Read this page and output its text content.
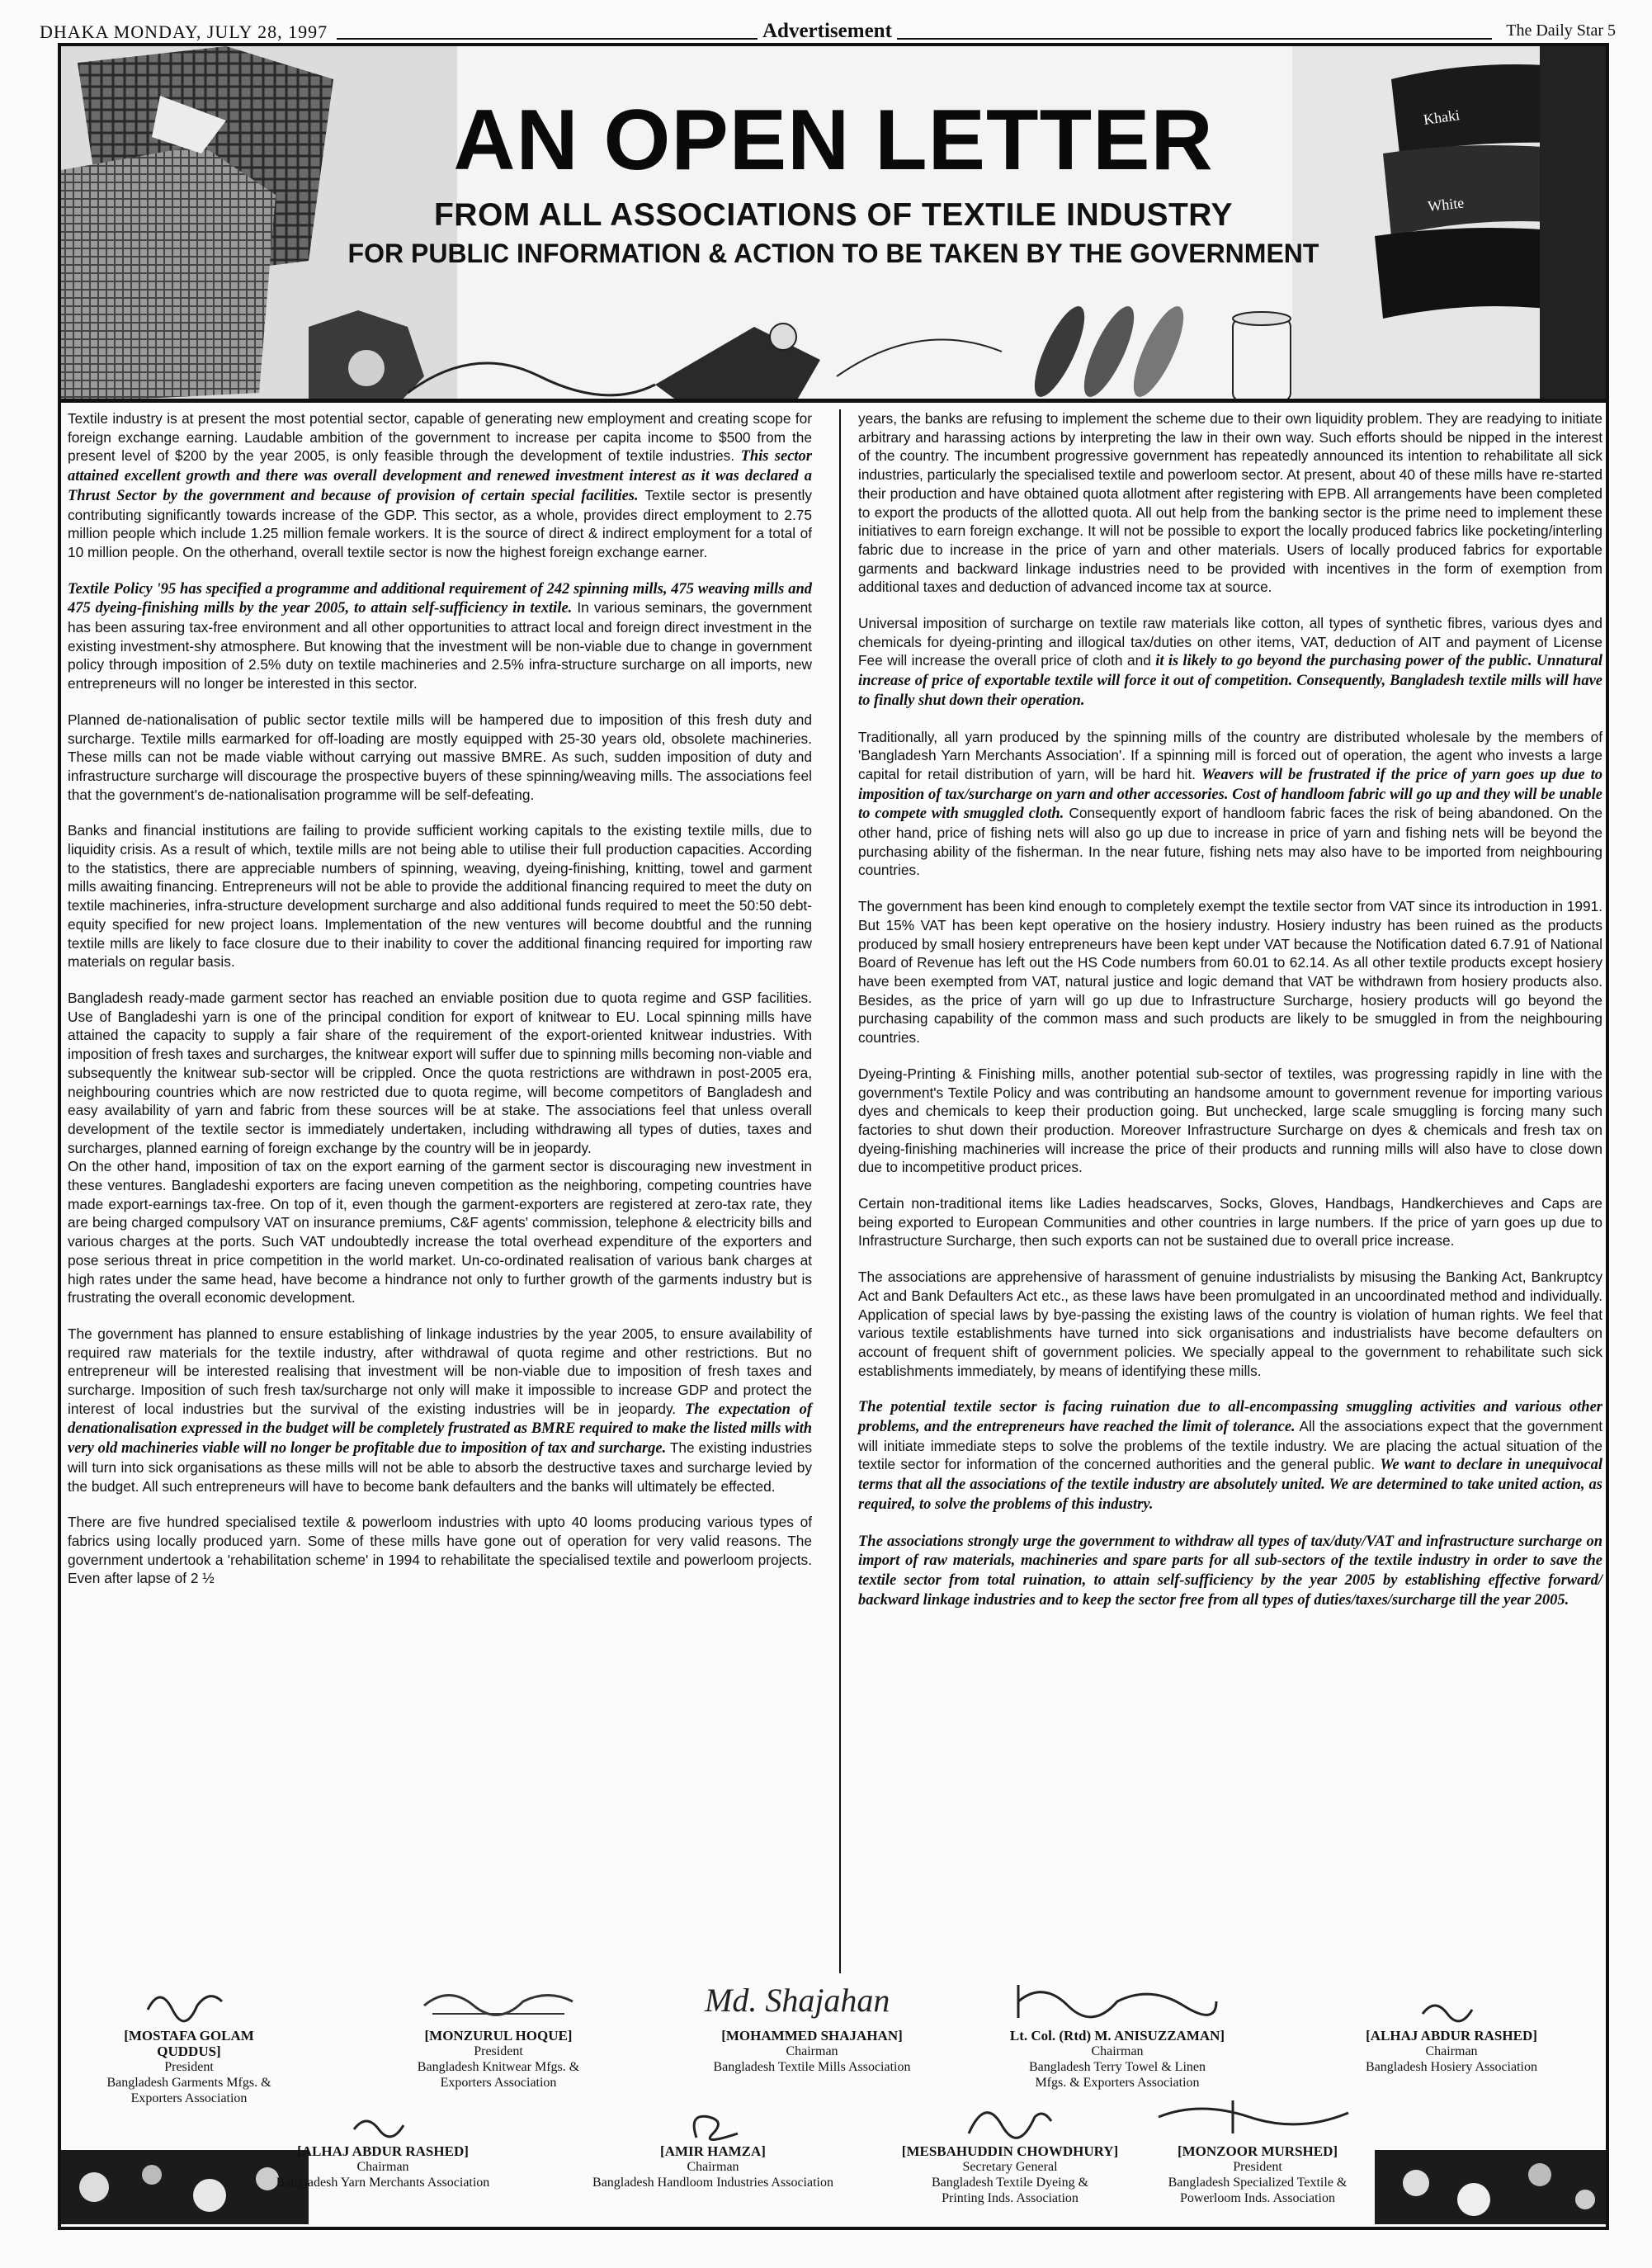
DHAKA MONDAY, JULY 28, 1997	Advertisement	The Daily Star 5
Khaki
White
AN OPEN LETTER
FROM ALL ASSOCIATIONS OF TEXTILE INDUSTRY
FOR PUBLIC INFORMATION & ACTION TO BE TAKEN BY THE GOVERNMENT

Textile industry is at present the most potential sector, capable of generating new employment and creating scope for foreign exchange earning. Laudable ambition of the government to increase per capita income to $500 from the present level of $200 by the year 2005, is only feasible through the development of textile industries. This sector attained excellent growth and there was overall development and renewed investment interest as it was declared a Thrust Sector by the government and because of provision of certain special facilities. Textile sector is presently contributing significantly towards increase of the GDP. This sector, as a whole, provides direct employment to 2.75 million people which include 1.25 million female workers. It is the source of direct & indirect employment for a total of 10 million people. On the otherhand, overall textile sector is now the highest foreign exchange earner.

Textile Policy '95 has specified a programme and additional requirement of 242 spinning mills, 475 weaving mills and 475 dyeing-finishing mills by the year 2005, to attain self-sufficiency in textile. In various seminars, the government has been assuring tax-free environment and all other opportunities to attract local and foreign direct investment in the existing investment-shy atmosphere. But knowing that the investment will be non-viable due to change in government policy through imposition of 2.5% duty on textile machineries and 2.5% infra-structure surcharge on all imports, new entrepreneurs will no longer be interested in this sector.

Planned de-nationalisation of public sector textile mills will be hampered due to imposition of this fresh duty and surcharge. Textile mills earmarked for off-loading are mostly equipped with 25-30 years old, obsolete machineries. These mills can not be made viable without carrying out massive BMRE. As such, sudden imposition of duty and infrastructure surcharge will discourage the prospective buyers of these spinning/weaving mills. The associations feel that the government's de-nationalisation programme will be self-defeating.

Banks and financial institutions are failing to provide sufficient working capitals to the existing textile mills, due to liquidity crisis. As a result of which, textile mills are not being able to utilise their full production capacities. According to the statistics, there are appreciable numbers of spinning, weaving, dyeing-finishing, knitting, towel and garment mills awaiting financing. Entrepreneurs will not be able to provide the additional financing required to meet the duty on textile machineries, infra-structure development surcharge and also additional funds required to meet the 50:50 debt-equity specified for new project loans. Implementation of the new ventures will become doubtful and the running textile mills are likely to face closure due to their inability to cover the additional financing required for importing raw materials on regular basis.

Bangladesh ready-made garment sector has reached an enviable position due to quota regime and GSP facilities. Use of Bangladeshi yarn is one of the principal condition for export of knitwear to EU. Local spinning mills have attained the capacity to supply a fair share of the requirement of the export-oriented knitwear industries. With imposition of fresh taxes and surcharges, the knitwear export will suffer due to spinning mills becoming non-viable and subsequently the knitwear sub-sector will be crippled. Once the quota restrictions are withdrawn in post-2005 era, neighbouring countries which are now restricted due to quota regime, will become competitors of Bangladesh and easy availability of yarn and fabric from these sources will be at stake. The associations feel that unless overall development of the textile sector is immediately undertaken, including withdrawing all types of duties, taxes and surcharges, planned earning of foreign exchange by the country will be in jeopardy.

On the other hand, imposition of tax on the export earning of the garment sector is discouraging new investment in these ventures. Bangladeshi exporters are facing uneven competition as the neighboring, competing countries have made export-earnings tax-free. On top of it, even though the garment-exporters are registered at zero-tax rate, they are being charged compulsory VAT on insurance premiums, C&F agents' commission, telephone & electricity bills and various charges at the ports. Such VAT undoubtedly increase the total overhead expenditure of the exporters and pose serious threat in price competition in the world market. Un-co-ordinated realisation of various bank charges at high rates under the same head, have become a hindrance not only to further growth of the garments industry but is frustrating the overall economic development.

The government has planned to ensure establishing of linkage industries by the year 2005, to ensure availability of required raw materials for the textile industry, after withdrawal of quota regime and other restrictions. But no entrepreneur will be interested realising that investment will be non-viable due to imposition of fresh taxes and surcharge. Imposition of such fresh tax/surcharge not only will make it impossible to increase GDP and protect the interest of local industries but the survival of the existing industries will be in jeopardy. The expectation of denationalisation expressed in the budget will be completely frustrated as BMRE required to make the listed mills with very old machineries viable will no longer be profitable due to imposition of tax and surcharge. The existing industries will turn into sick organisations as these mills will not be able to absorb the destructive taxes and surcharge levied by the budget. All such entrepreneurs will have to become bank defaulters and the banks will ultimately be effected.

There are five hundred specialised textile & powerloom industries with upto 40 looms producing various types of fabrics using locally produced yarn. Some of these mills have gone out of operation for very valid reasons. The government undertook a 'rehabilitation scheme' in 1994 to rehabilitate the specialised textile and powerloom projects. Even after lapse of 2 ½

years, the banks are refusing to implement the scheme due to their own liquidity problem. They are readying to initiate arbitrary and harassing actions by interpreting the law in their own way. Such efforts should be nipped in the interest of the country. The incumbent progressive government has repeatedly announced its intention to rehabilitate all sick industries, particularly the specialised textile and powerloom sector. At present, about 40 of these mills have re-started their production and have obtained quota allotment after registering with EPB. All arrangements have been completed to export the products of the allotted quota. All out help from the banking sector is the prime need to implement these initiatives to earn foreign exchange. It will not be possible to export the locally produced fabrics like pocketing/interling fabric due to increase in the price of yarn and other materials. Users of locally produced fabrics for exportable garments and backward linkage industries need to be provided with incentives in the form of exemption from additional taxes and deduction of advanced income tax at source.

Universal imposition of surcharge on textile raw materials like cotton, all types of synthetic fibres, various dyes and chemicals for dyeing-printing and illogical tax/duties on other items, VAT, deduction of AIT and payment of License Fee will increase the overall price of cloth and it is likely to go beyond the purchasing power of the public. Unnatural increase of price of exportable textile will force it out of competition. Consequently, Bangladesh textile mills will have to finally shut down their operation.

Traditionally, all yarn produced by the spinning mills of the country are distributed wholesale by the members of 'Bangladesh Yarn Merchants Association'. If a spinning mill is forced out of operation, the agent who invests a large capital for retail distribution of yarn, will be hard hit. Weavers will be frustrated if the price of yarn goes up due to imposition of tax/surcharge on yarn and other accessories. Cost of handloom fabric will go up and they will be unable to compete with smuggled cloth. Consequently export of handloom fabric faces the risk of being abandoned. On the other hand, price of fishing nets will also go up due to increase in price of yarn and fishing nets will be beyond the purchasing ability of the fisherman. In the near future, fishing nets may also have to be imported from neighbouring countries.

The government has been kind enough to completely exempt the textile sector from VAT since its introduction in 1991. But 15% VAT has been kept operative on the hosiery industry. Hosiery industry has been ruined as the products produced by small hosiery entrepreneurs have been kept under VAT because the Notification dated 6.7.91 of National Board of Revenue has left out the HS Code numbers from 60.01 to 62.14. As all other textile products except hosiery have been exempted from VAT, natural justice and logic demand that VAT be withdrawn from hosiery products also. Besides, as the price of yarn will go up due to Infrastructure Surcharge, hosiery products will go beyond the purchasing capability of the common mass and such products are likely to be smuggled in from the neighbouring countries.

Dyeing-Printing & Finishing mills, another potential sub-sector of textiles, was progressing rapidly in line with the government's Textile Policy and was contributing an handsome amount to government revenue for importing various dyes and chemicals to keep their production going. But unchecked, large scale smuggling is forcing many such factories to shut down their production. Moreover Infrastructure Surcharge on dyes & chemicals and fresh tax on dyeing-finishing machineries will increase the price of their products and running mills will also have to close down due to incompetitive product prices.

Certain non-traditional items like Ladies headscarves, Socks, Gloves, Handbags, Handkerchieves and Caps are being exported to European Communities and other countries in large numbers. If the price of yarn goes up due to Infrastructure Surcharge, then such exports can not be sustained due to overall price increase.

The associations are apprehensive of harassment of genuine industrialists by misusing the Banking Act, Bankruptcy Act and Bank Defaulters Act etc., as these laws have been promulgated in an uncoordinated method and individually. Application of special laws by bye-passing the existing laws of the country is violation of human rights. We feel that various textile establishments have turned into sick organisations and industrialists have become defaulters on account of frequent shift of government policies. We specially appeal to the government to rehabilitate such sick establishments immediately, by means of identifying these mills.

The potential textile sector is facing ruination due to all-encompassing smuggling activities and various other problems, and the entrepreneurs have reached the limit of tolerance. All the associations expect that the government will initiate immediate steps to solve the problems of the textile industry. We are placing the actual situation of the textile sector for information of the concerned authorities and the general public. We want to declare in unequivocal terms that all the associations of the textile industry are absolutely united. We are determined to take united action, as required, to solve the problems of this industry.

The associations strongly urge the government to withdraw all types of tax/duty/VAT and infrastructure surcharge on import of raw materials, machineries and spare parts for all sub-sectors of the textile industry in order to save the textile sector from total ruination, to attain self-sufficiency by the year 2005 by establishing effective forward/ backward linkage industries and to keep the sector free from all types of duties/taxes/surcharge till the year 2005.

[MOSTAFA GOLAM QUDDUS]
President
Bangladesh Garments Mfgs. &
Exporters Association
[MONZURUL HOQUE]
President
Bangladesh Knitwear Mfgs. &
Exporters Association
Md. Shajahan
[MOHAMMED SHAJAHAN]
Chairman
Bangladesh Textile Mills Association
Lt. Col. (Rtd) M. ANISUZZAMAN]
Chairman
Bangladesh Terry Towel & Linen
Mfgs. & Exporters Association
[ALHAJ ABDUR RASHED]
Chairman
Bangladesh Hosiery Association
[ALHAJ ABDUR RASHED]
Chairman
Bangladesh Yarn Merchants Association
[AMIR HAMZA]
Chairman
Bangladesh Handloom Industries Association
[MESBAHUDDIN CHOWDHURY]
Secretary General
Bangladesh Textile Dyeing &
Printing Inds. Association
[MONZOOR MURSHED]
President
Bangladesh Specialized Textile &
Powerloom Inds. Association
